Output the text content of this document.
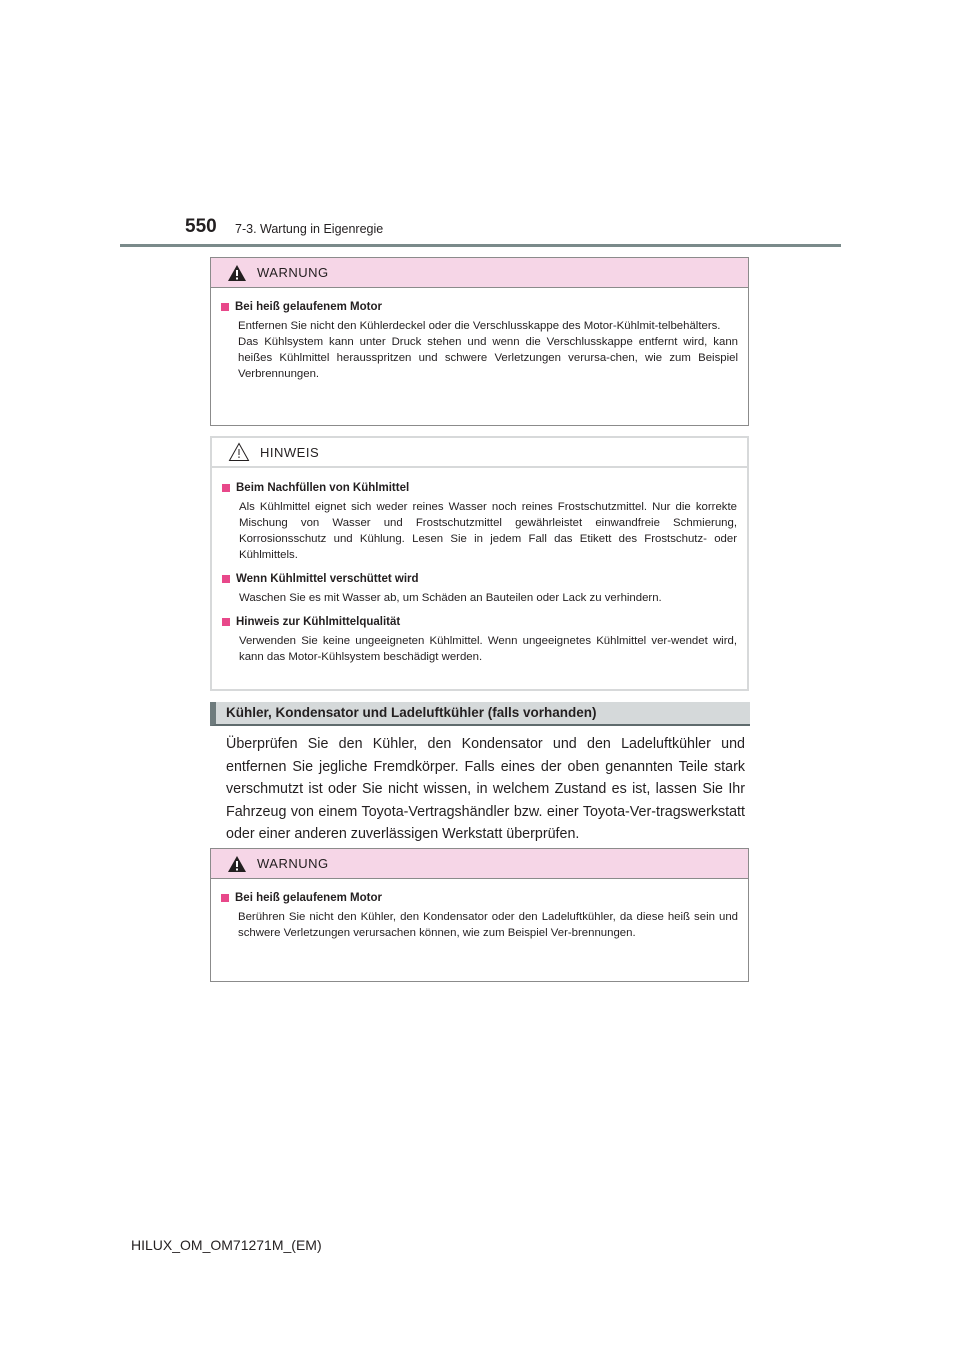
550 7-3. Wartung in Eigenregie
WARNUNG
Bei heiß gelaufenem Motor
Entfernen Sie nicht den Kühlerdeckel oder die Verschlusskappe des Motor-Kühlmit-telbehälters.
Das Kühlsystem kann unter Druck stehen und wenn die Verschlusskappe entfernt wird, kann heißes Kühlmittel herausspritzen und schwere Verletzungen verursa-chen, wie zum Beispiel Verbrennungen.
HINWEIS
Beim Nachfüllen von Kühlmittel
Als Kühlmittel eignet sich weder reines Wasser noch reines Frostschutzmittel. Nur die korrekte Mischung von Wasser und Frostschutzmittel gewährleistet einwandfreie Schmierung, Korrosionsschutz und Kühlung. Lesen Sie in jedem Fall das Etikett des Frostschutz- oder Kühlmittels.
Wenn Kühlmittel verschüttet wird
Waschen Sie es mit Wasser ab, um Schäden an Bauteilen oder Lack zu verhindern.
Hinweis zur Kühlmittelqualität
Verwenden Sie keine ungeeigneten Kühlmittel. Wenn ungeeignetes Kühlmittel ver-wendet wird, kann das Motor-Kühlsystem beschädigt werden.
Kühler, Kondensator und Ladeluftkühler (falls vorhanden)
Überprüfen Sie den Kühler, den Kondensator und den Ladeluftkühler und entfernen Sie jegliche Fremdkörper. Falls eines der oben genannten Teile stark verschmutzt ist oder Sie nicht wissen, in welchem Zustand es ist, lassen Sie Ihr Fahrzeug von einem Toyota-Vertragshändler bzw. einer Toyota-Ver-tragswerkstatt oder einer anderen zuverlässigen Werkstatt überprüfen.
WARNUNG
Bei heiß gelaufenem Motor
Berühren Sie nicht den Kühler, den Kondensator oder den Ladeluftkühler, da diese heiß sein und schwere Verletzungen verursachen können, wie zum Beispiel Ver-brennungen.
HILUX_OM_OM71271M_(EM)
